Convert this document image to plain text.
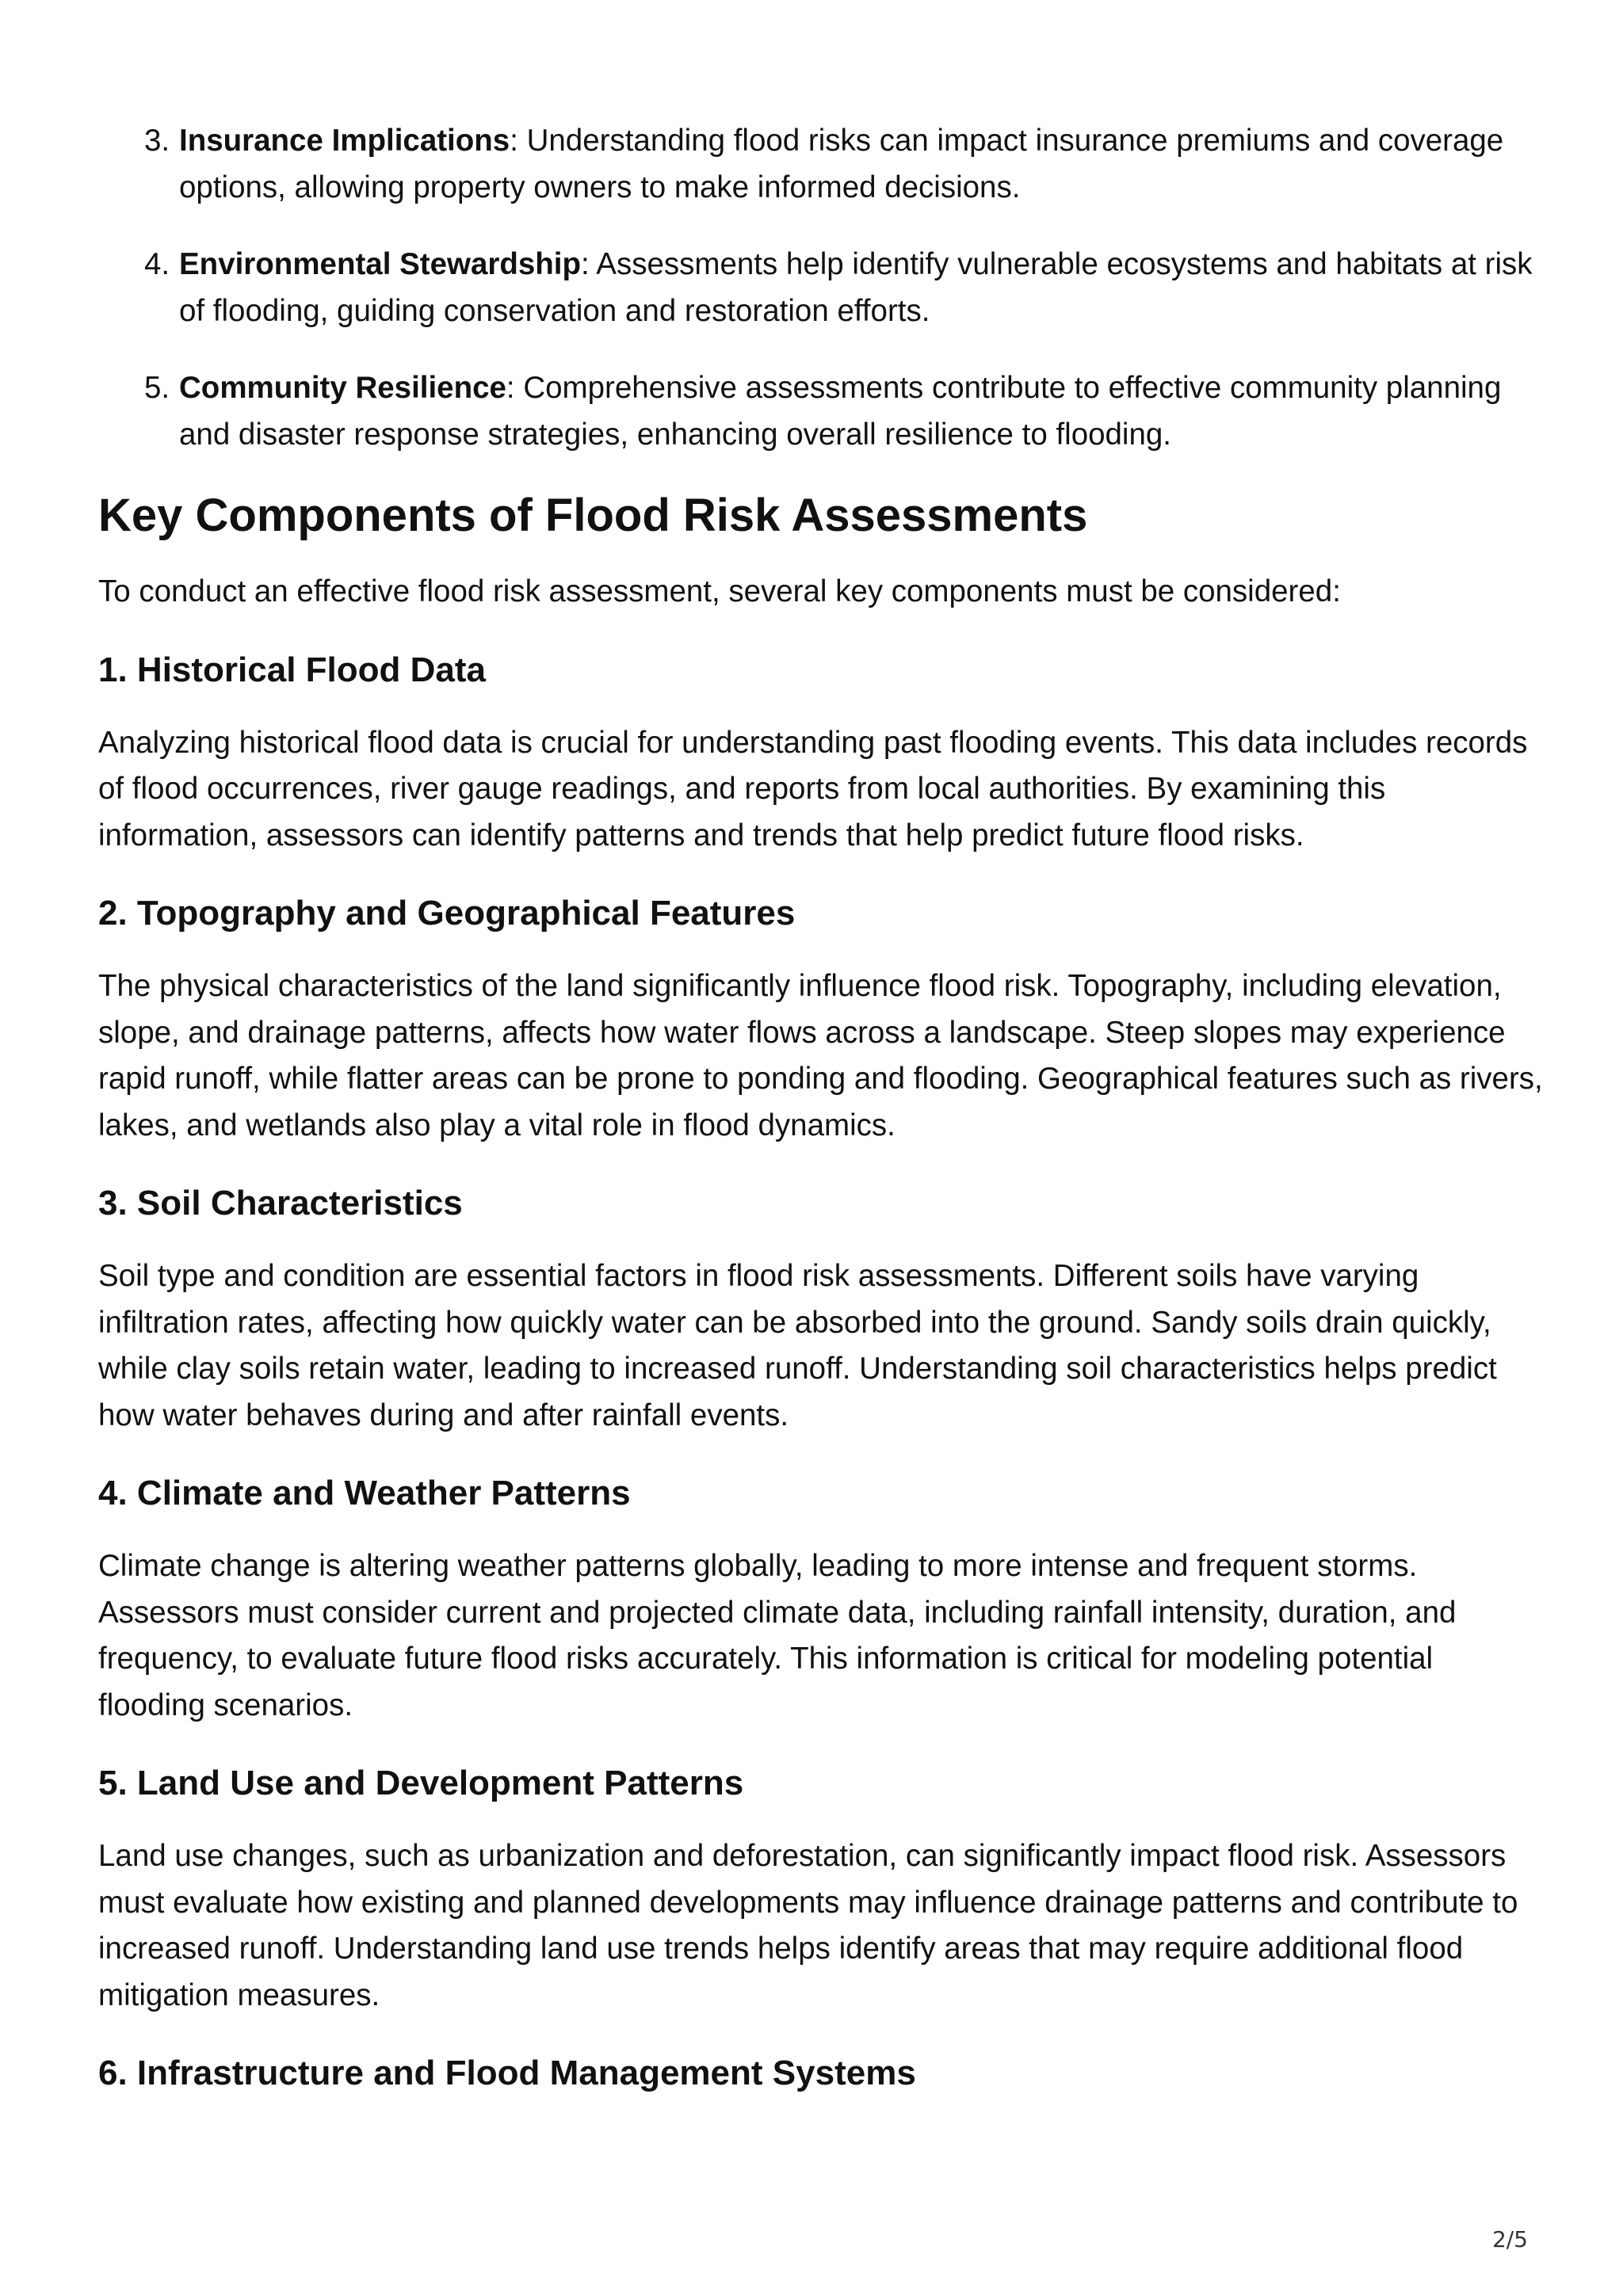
3. Insurance Implications: Understanding flood risks can impact insurance premiums and coverage options, allowing property owners to make informed decisions.
4. Environmental Stewardship: Assessments help identify vulnerable ecosystems and habitats at risk of flooding, guiding conservation and restoration efforts.
5. Community Resilience: Comprehensive assessments contribute to effective community planning and disaster response strategies, enhancing overall resilience to flooding.
Key Components of Flood Risk Assessments

To conduct an effective flood risk assessment, several key components must be considered:

1. Historical Flood Data

Analyzing historical flood data is crucial for understanding past flooding events. This data includes records of flood occurrences, river gauge readings, and reports from local authorities. By examining this information, assessors can identify patterns and trends that help predict future flood risks.

2. Topography and Geographical Features

The physical characteristics of the land significantly influence flood risk. Topography, including elevation, slope, and drainage patterns, affects how water flows across a landscape. Steep slopes may experience rapid runoff, while flatter areas can be prone to ponding and flooding. Geographical features such as rivers, lakes, and wetlands also play a vital role in flood dynamics.

3. Soil Characteristics

Soil type and condition are essential factors in flood risk assessments. Different soils have varying infiltration rates, affecting how quickly water can be absorbed into the ground. Sandy soils drain quickly, while clay soils retain water, leading to increased runoff. Understanding soil characteristics helps predict how water behaves during and after rainfall events.

4. Climate and Weather Patterns

Climate change is altering weather patterns globally, leading to more intense and frequent storms. Assessors must consider current and projected climate data, including rainfall intensity, duration, and frequency, to evaluate future flood risks accurately. This information is critical for modeling potential flooding scenarios.

5. Land Use and Development Patterns

Land use changes, such as urbanization and deforestation, can significantly impact flood risk. Assessors must evaluate how existing and planned developments may influence drainage patterns and contribute to increased runoff. Understanding land use trends helps identify areas that may require additional flood mitigation measures.

6. Infrastructure and Flood Management Systems
2/5
